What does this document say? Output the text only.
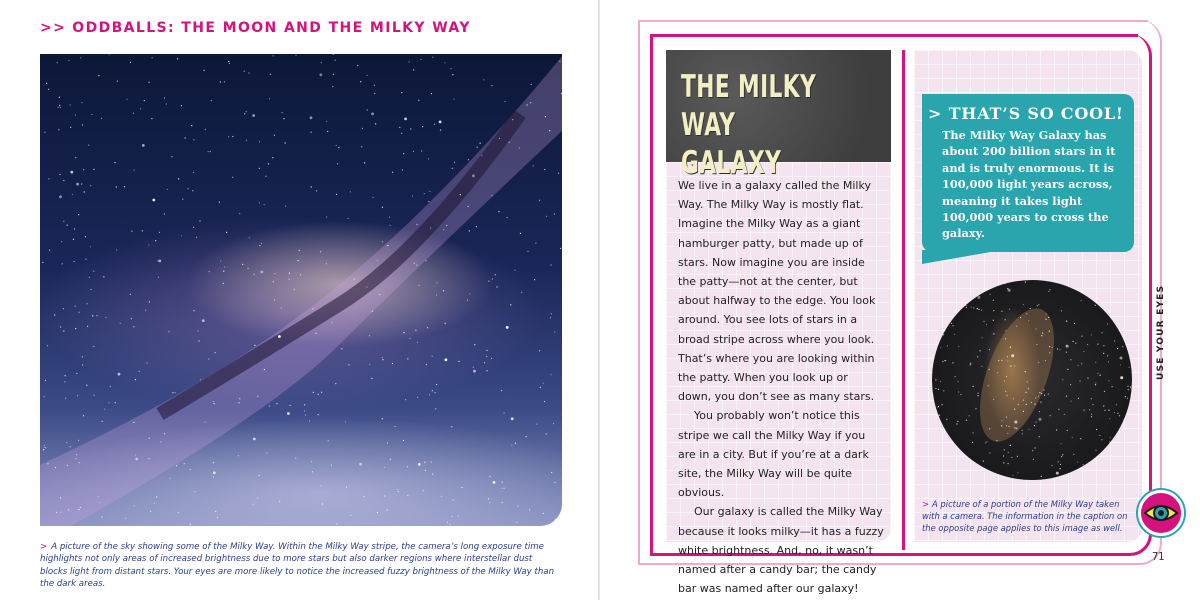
>> ODDBALLS: THE MOON AND THE MILKY WAY
> A picture of the sky showing some of the Milky Way. Within the Milky Way stripe, the camera’s long exposure time highlights not only areas of increased brightness due to more stars but also darker regions where interstellar dust blocks light from distant stars. Your eyes are more likely to notice the increased fuzzy brightness of the Milky Way than the dark areas.
THE MILKY WAY GALAXY

We live in a galaxy called the Milky Way. The Milky Way is mostly flat. Imagine the Milky Way as a giant hamburger patty, but made up of stars. Now imagine you are inside the patty—not at the center, but about halfway to the edge. You look around. You see lots of stars in a broad stripe across where you look. That’s where you are looking within the patty. When you look up or down, you don’t see as many stars.

You probably won’t notice this stripe we call the Milky Way if you are in a city. But if you’re at a dark site, the Milky Way will be quite obvious.

Our galaxy is called the Milky Way because it looks milky—it has a fuzzy white brightness. And, no, it wasn’t named after a candy bar; the candy bar was named after our galaxy!

> THAT’S SO COOL!
The Milky Way Galaxy has about 200 billion stars in it and is truly enormous. It is 100,000 light years across, meaning it takes light 100,000 years to cross the galaxy.
> A picture of a portion of the Milky Way taken with a camera. The information in the caption on the opposite page applies to this image as well.
USE YOUR EYES
71
